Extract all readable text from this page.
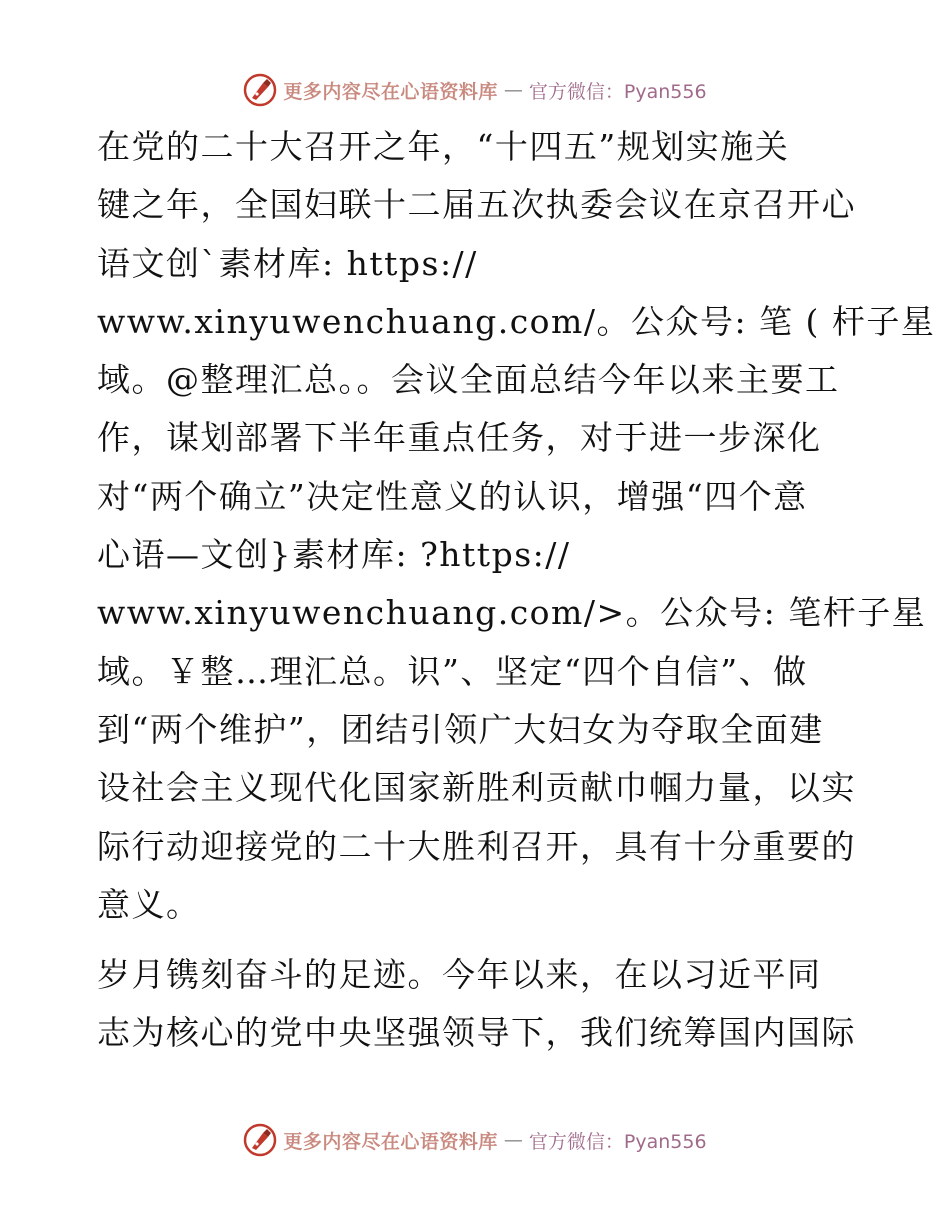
更多内容尽在心语资料库 — 官方微信：Pyan556

在党的二十大召开之年，“十四五”规划实施关
键之年，全国妇联十二届五次执委会议在京召开心
语文创`素材库: https://
www.xinyuwenchuang.com/。公众号: 笔 ( 杆子星
域。@整理汇总。。会议全面总结今年以来主要工
作，谋划部署下半年重点任务，对于进一步深化
对“两个确立”决定性意义的认识，增强“四个意
心语—文创}素材库: ?https://
www.xinyuwenchuang.com/>。公众号: 笔杆子星
域。￥整…理汇总。识”、坚定“四个自信”、做
到“两个维护”，团结引领广大妇女为夺取全面建
设社会主义现代化国家新胜利贡献巾帼力量，以实
际行动迎接党的二十大胜利召开，具有十分重要的
意义。

岁月镌刻奋斗的足迹。今年以来，在以习近平同
志为核心的党中央坚强领导下，我们统筹国内国际

更多内容尽在心语资料库 — 官方微信：Pyan556
